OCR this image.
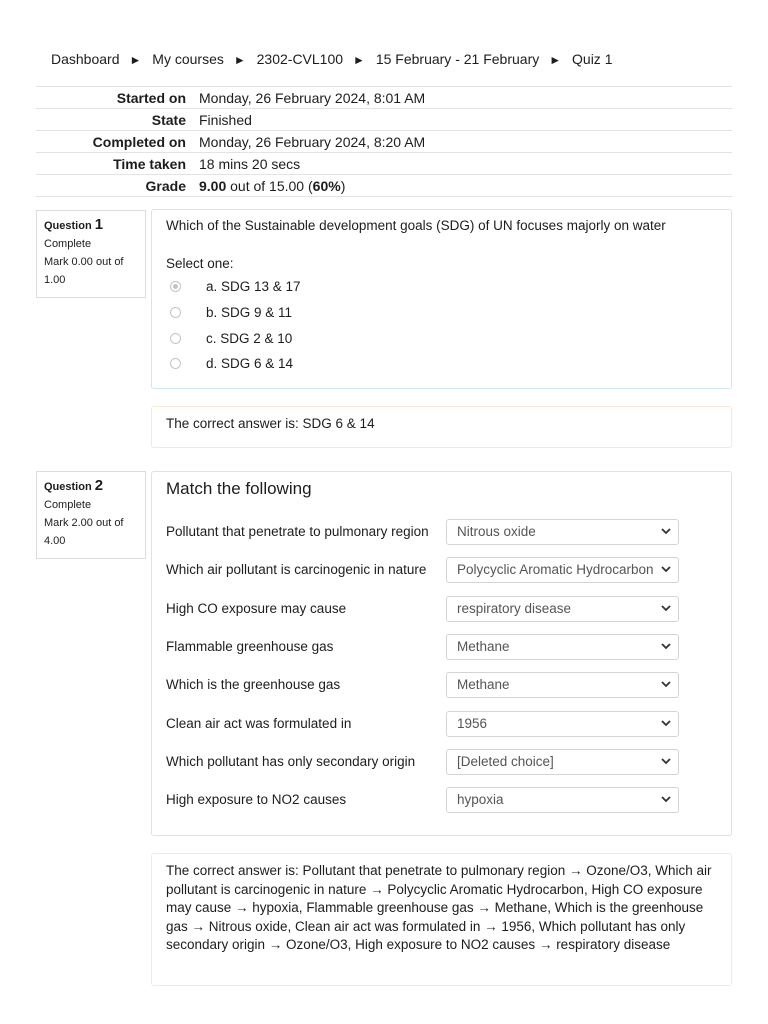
Dashboard ► My courses ► 2302-CVL100 ► 15 February - 21 February ► Quiz 1
Started on	Monday, 26 February 2024, 8:01 AM
State	Finished
Completed on	Monday, 26 February 2024, 8:20 AM
Time taken	18 mins 20 secs
Grade	9.00 out of 15.00 (60%)
Question 1
Complete
Mark 0.00 out of 1.00
Which of the Sustainable development goals (SDG) of UN focuses majorly on water
Select one:
a. SDG 13 & 17
b. SDG 9 & 11
c. SDG 2 & 10
d. SDG 6 & 14
The correct answer is: SDG 6 & 14
Question 2
Complete
Mark 2.00 out of 4.00
Match the following
Pollutant that penetrate to pulmonary region	Nitrous oxide
Which air pollutant is carcinogenic in nature	Polycyclic Aromatic Hydrocarbon
High CO exposure may cause	respiratory disease
Flammable greenhouse gas	Methane
Which is the greenhouse gas	Methane
Clean air act was formulated in	1956
Which pollutant has only secondary origin	[Deleted choice]
High exposure to NO2 causes	hypoxia
The correct answer is: Pollutant that penetrate to pulmonary region → Ozone/O3, Which air pollutant is carcinogenic in nature → Polycyclic Aromatic Hydrocarbon, High CO exposure may cause → hypoxia, Flammable greenhouse gas → Methane, Which is the greenhouse gas → Nitrous oxide, Clean air act was formulated in → 1956, Which pollutant has only secondary origin → Ozone/O3, High exposure to NO2 causes → respiratory disease
